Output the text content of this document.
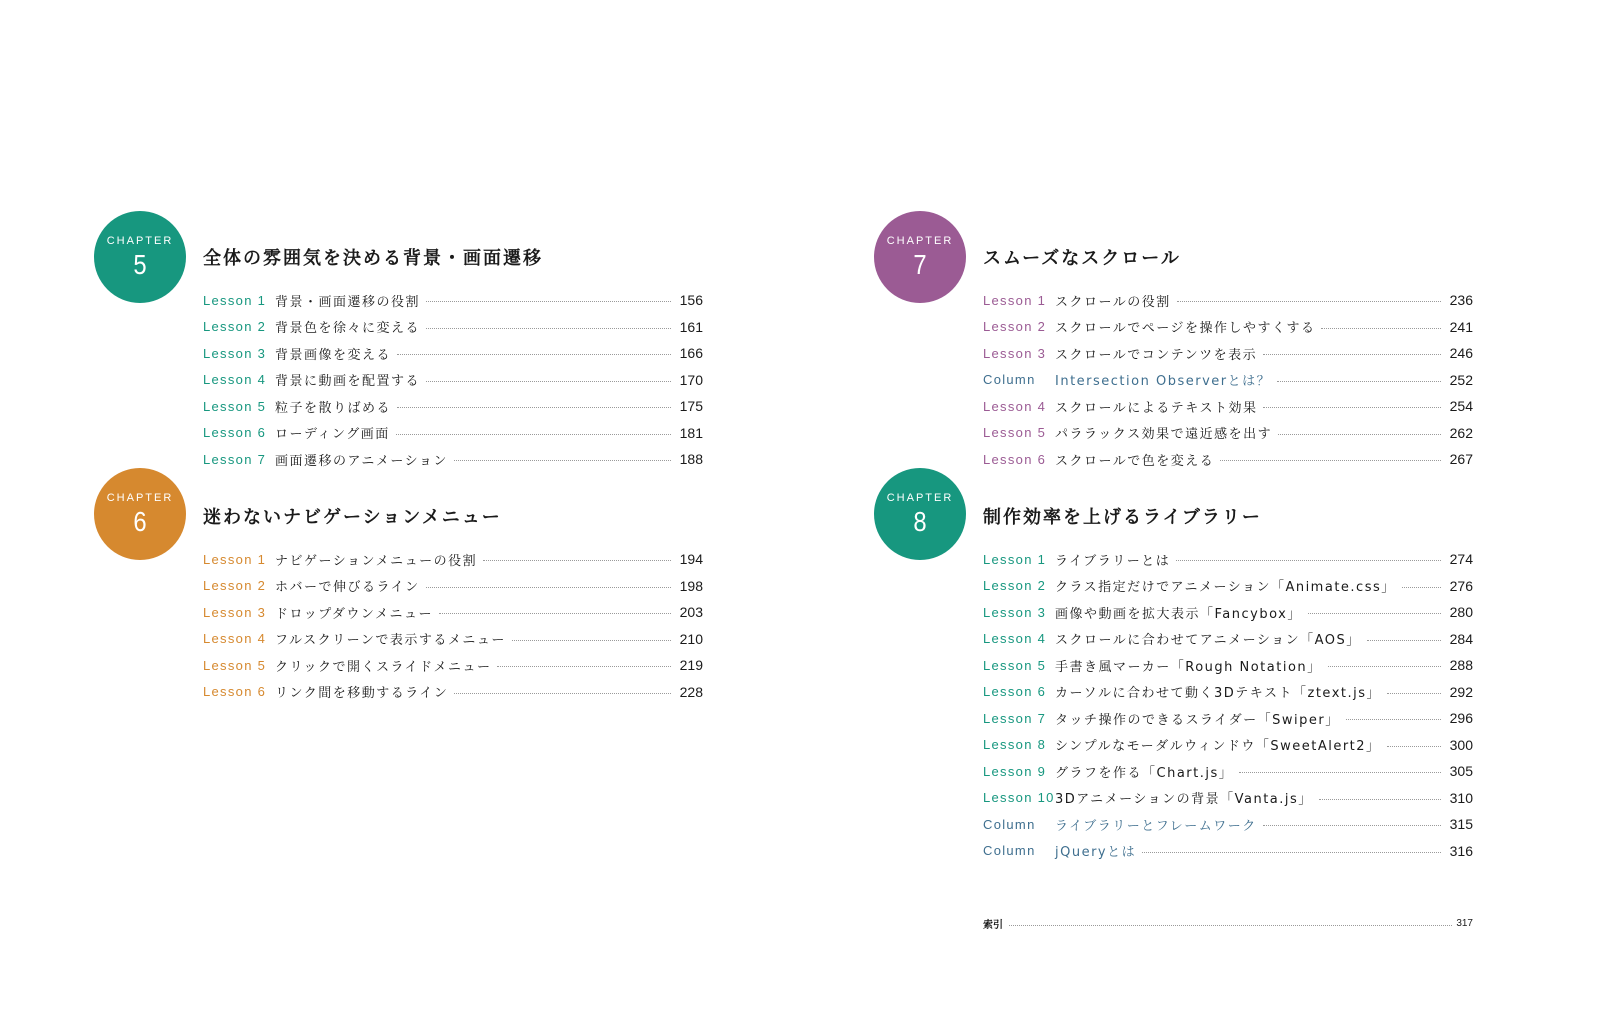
CHAPTER
5	全体の雰囲気を決める背景・画面遷移
Lesson 1 背景・画面遷移の役割	156
Lesson 2 背景色を徐々に変える	161
Lesson 3 背景画像を変える	166
Lesson 4 背景に動画を配置する	170
Lesson 5 粒子を散りばめる	175
Lesson 6 ローディング画面	181
Lesson 7 画面遷移のアニメーション	188
CHAPTER
6	迷わないナビゲーションメニュー
Lesson 1 ナビゲーションメニューの役割	194
Lesson 2 ホバーで伸びるライン	198
Lesson 3 ドロップダウンメニュー	203
Lesson 4 フルスクリーンで表示するメニュー	210
Lesson 5 クリックで開くスライドメニュー	219
Lesson 6 リンク間を移動するライン	228
CHAPTER
7	スムーズなスクロール
Lesson 1 スクロールの役割	236
Lesson 2 スクロールでページを操作しやすくする	241
Lesson 3 スクロールでコンテンツを表示	246
Column	Intersection Observerとは？	252
Lesson 4 スクロールによるテキスト効果	254
Lesson 5 パララックス効果で遠近感を出す	262
Lesson 6 スクロールで色を変える	267
CHAPTER
8	制作効率を上げるライブラリー
Lesson 1 ライブラリーとは	274
Lesson 2 クラス指定だけでアニメーション「Animate.css」	276
Lesson 3 画像や動画を拡大表示「Fancybox」	280
Lesson 4 スクロールに合わせてアニメーション「AOS」	284
Lesson 5 手書き風マーカー「Rough Notation」	288
Lesson 6 カーソルに合わせて動く3Dテキスト「ztext.js」	292
Lesson 7 タッチ操作のできるスライダー「Swiper」	296
Lesson 8 シンプルなモーダルウィンドウ「SweetAlert2」	300
Lesson 9 グラフを作る「Chart.js」	305
Lesson 10 3Dアニメーションの背景「Vanta.js」	310
Column	ライブラリーとフレームワーク	315
Column	jQueryとは	316
索引	317
